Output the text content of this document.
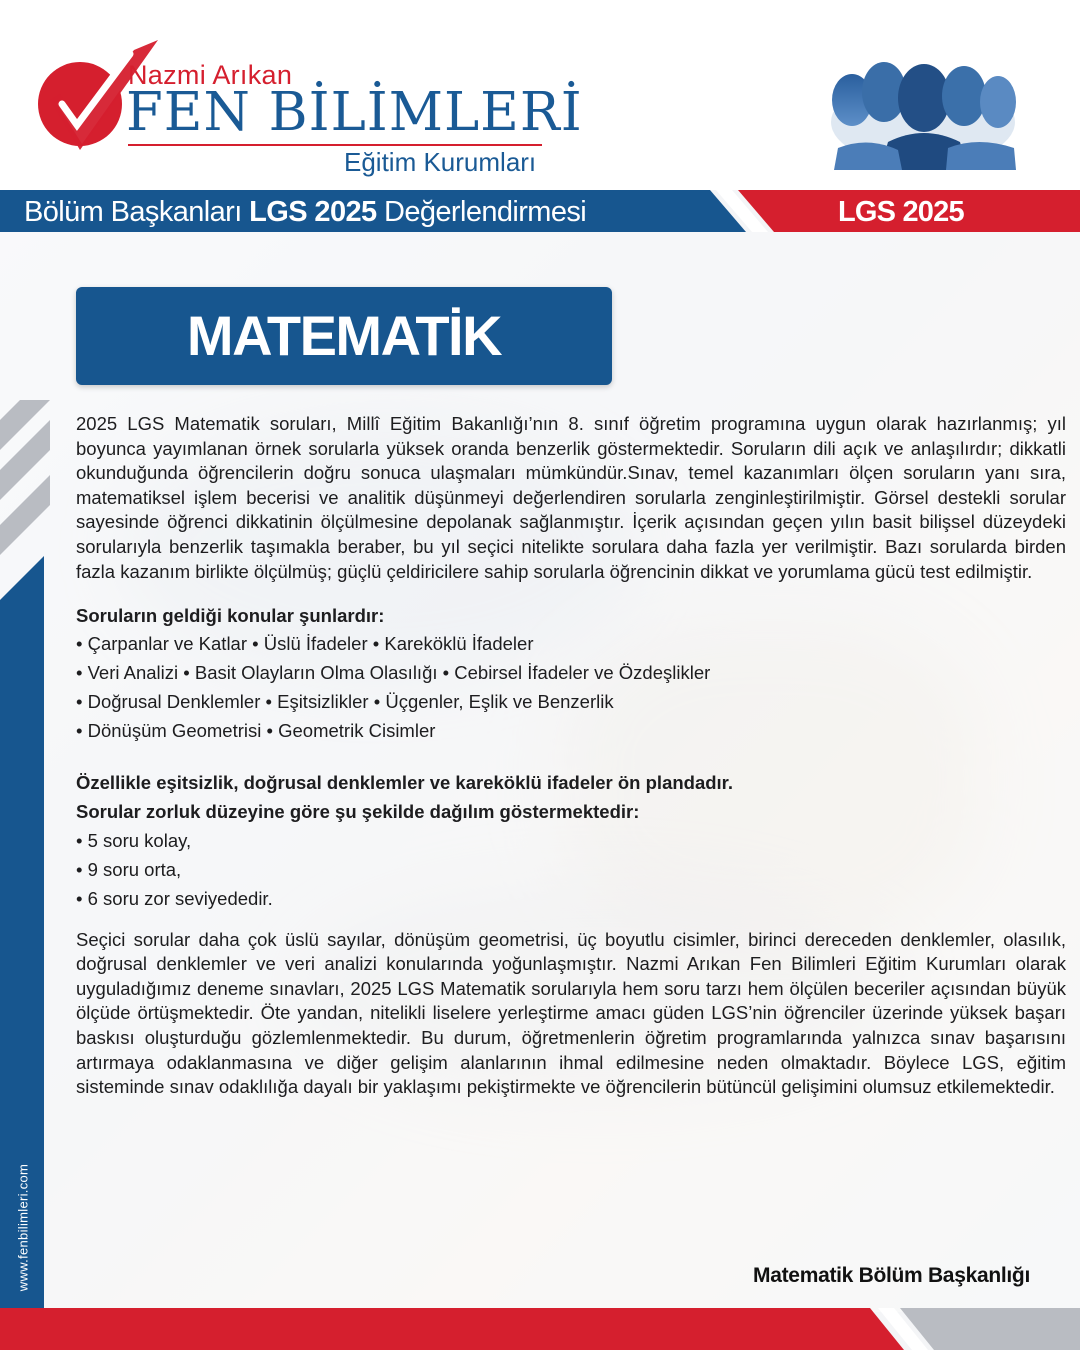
Nazmi Arıkan
FEN BİLİMLERİ
Eğitim Kurumları
Bölüm Başkanları LGS 2025 Değerlendirmesi	LGS 2025
MATEMATİK
www.fenbilimleri.com

2025 LGS Matematik soruları, Millî Eğitim Bakanlığı’nın 8. sınıf öğretim programına uygun olarak hazırlanmış; yıl boyunca yayımlanan örnek sorularla yüksek oranda benzerlik göstermektedir. Soruların dili açık ve anlaşılırdır; dikkatli okunduğunda öğrencilerin doğru sonuca ulaşmaları mümkündür.Sınav, temel kazanımları ölçen soruların yanı sıra, matematiksel işlem becerisi ve analitik düşünmeyi değerlendiren sorularla zenginleştirilmiştir. Görsel destekli sorular sayesinde öğrenci dikkatinin ölçülmesine depolanak sağlanmıştır. İçerik açısından geçen yılın basit bilişsel düzeydeki sorularıyla benzerlik taşımakla beraber, bu yıl seçici nitelikte sorulara daha fazla yer verilmiştir. Bazı sorularda birden fazla kazanım birlikte ölçülmüş; güçlü çeldiricilere sahip sorularla öğrencinin dikkat ve yorumlama gücü test edilmiştir.

Soruların geldiği konular şunlardır:

• Çarpanlar ve Katlar • Üslü İfadeler • Kareköklü İfadeler
• Veri Analizi • Basit Olayların Olma Olasılığı • Cebirsel İfadeler ve Özdeşlikler
• Doğrusal Denklemler • Eşitsizlikler • Üçgenler, Eşlik ve Benzerlik
• Dönüşüm Geometrisi • Geometrik Cisimler

Özellikle eşitsizlik, doğrusal denklemler ve kareköklü ifadeler ön plandadır.

Sorular zorluk düzeyine göre şu şekilde dağılım göstermektedir:

• 5 soru kolay,
• 9 soru orta,
• 6 soru zor seviyededir.

Seçici sorular daha çok üslü sayılar, dönüşüm geometrisi, üç boyutlu cisimler, birinci dereceden denklemler, olasılık, doğrusal denklemler ve veri analizi konularında yoğunlaşmıştır. Nazmi Arıkan Fen Bilimleri Eğitim Kurumları olarak uyguladığımız deneme sınavları, 2025 LGS Matematik sorularıyla hem soru tarzı hem ölçülen beceriler açısından büyük ölçüde örtüşmektedir. Öte yandan, nitelikli liselere yerleştirme amacı güden LGS’nin öğrenciler üzerinde yüksek başarı baskısı oluşturduğu gözlemlenmektedir. Bu durum, öğretmenlerin öğretim programlarında yalnızca sınav başarısını artırmaya odaklanmasına ve diğer gelişim alanlarının ihmal edilmesine neden olmaktadır. Böylece LGS, eğitim sisteminde sınav odaklılığa dayalı bir yaklaşımı pekiştirmekte ve öğrencilerin bütüncül gelişimini olumsuz etkilemektedir.

Matematik Bölüm Başkanlığı
